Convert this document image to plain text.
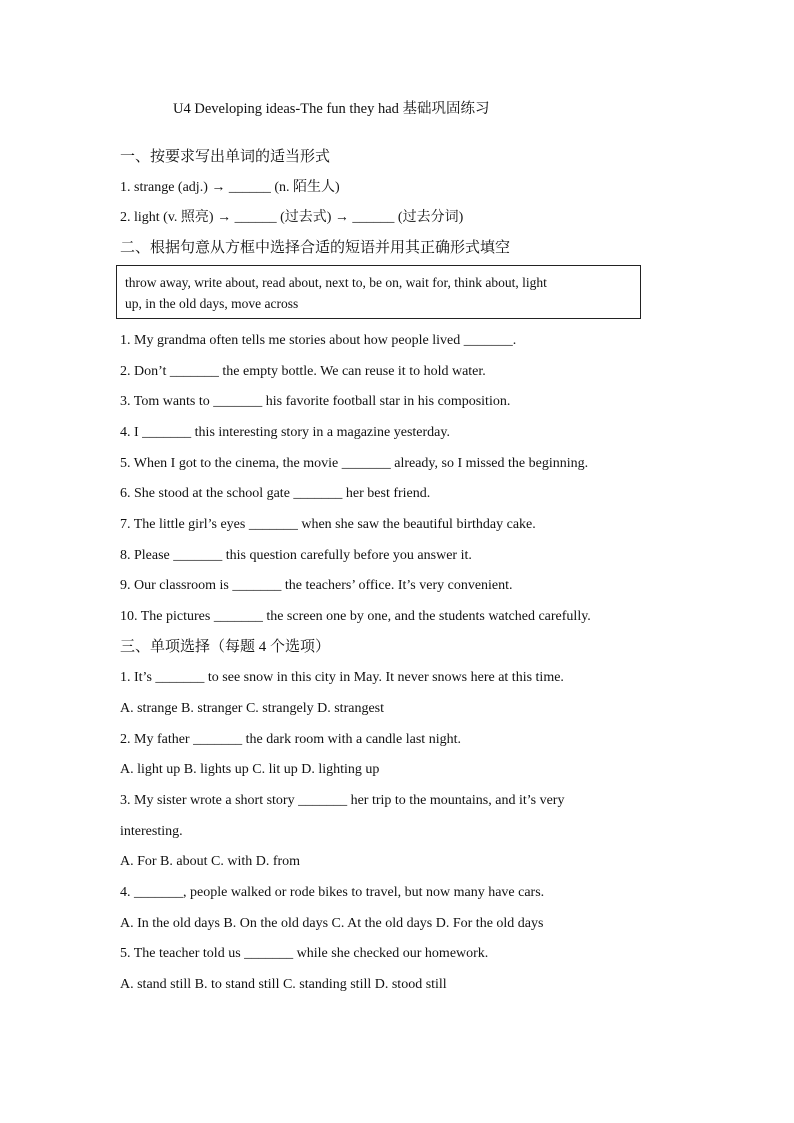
U4 Developing ideas-The fun they had 基础巩固练习
一、按要求写出单词的适当形式
1. strange (adj.) → ______ (n. 陌生人)
2. light (v. 照亮) → ______ (过去式) → ______ (过去分词)
二、根据句意从方框中选择合适的短语并用其正确形式填空
throw away, write about, read about, next to, be on, wait for, think about, light
up, in the old days, move across
1. My grandma often tells me stories about how people lived _______.
2. Don’t _______ the empty bottle. We can reuse it to hold water.
3. Tom wants to _______ his favorite football star in his composition.
4. I _______ this interesting story in a magazine yesterday.
5. When I got to the cinema, the movie _______ already, so I missed the beginning.
6. She stood at the school gate _______ her best friend.
7. The little girl’s eyes _______ when she saw the beautiful birthday cake.
8. Please _______ this question carefully before you answer it.
9. Our classroom is _______ the teachers’ office. It’s very convenient.
10. The pictures _______ the screen one by one, and the students watched carefully.
三、单项选择（每题 4 个选项）
1. It’s _______ to see snow in this city in May. It never snows here at this time.
A. strange B. stranger C. strangely D. strangest
2. My father _______ the dark room with a candle last night.
A. light up B. lights up C. lit up D. lighting up
3. My sister wrote a short story _______ her trip to the mountains, and it’s very
interesting.
A. For B. about C. with D. from
4. _______, people walked or rode bikes to travel, but now many have cars.
A. In the old days B. On the old days C. At the old days D. For the old days
5. The teacher told us _______ while she checked our homework.
A. stand still B. to stand still C. standing still D. stood still
